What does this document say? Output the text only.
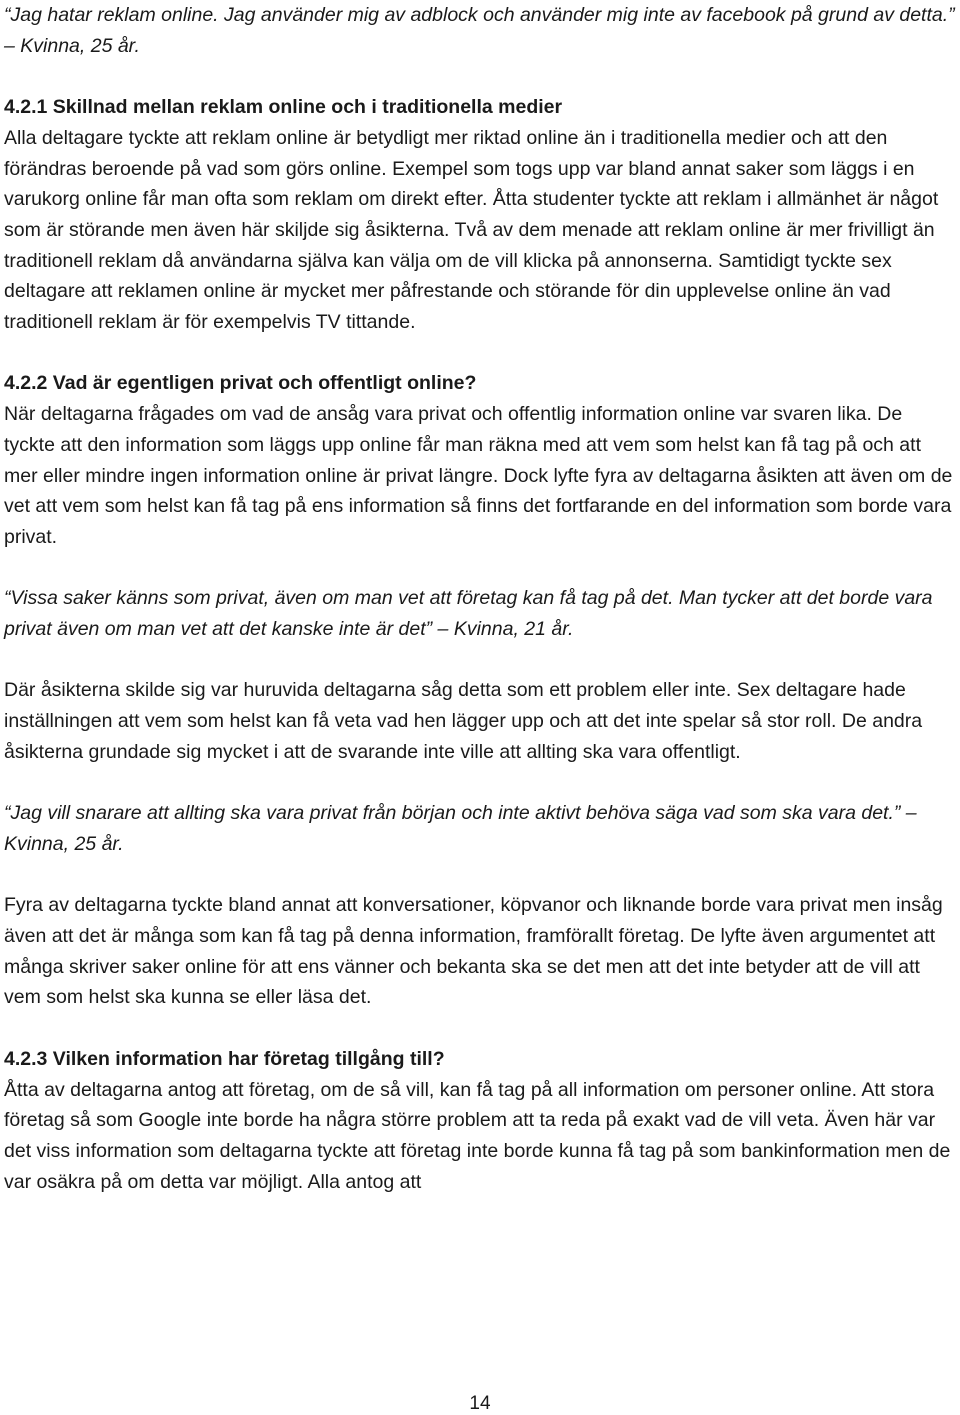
“Jag hatar reklam online. Jag använder mig av adblock och använder mig inte av facebook på grund av detta.” – Kvinna, 25 år.

4.2.1 Skillnad mellan reklam online och i traditionella medier

Alla deltagare tyckte att reklam online är betydligt mer riktad online än i traditionella medier och att den förändras beroende på vad som görs online. Exempel som togs upp var bland annat saker som läggs i en varukorg online får man ofta som reklam om direkt efter. Åtta studenter tyckte att reklam i allmänhet är något som är störande men även här skiljde sig åsikterna. Två av dem menade att reklam online är mer frivilligt än traditionell reklam då användarna själva kan välja om de vill klicka på annonserna. Samtidigt tyckte sex deltagare att reklamen online är mycket mer påfrestande och störande för din upplevelse online än vad traditionell reklam är för exempelvis TV tittande.

4.2.2 Vad är egentligen privat och offentligt online?

När deltagarna frågades om vad de ansåg vara privat och offentlig information online var svaren lika. De tyckte att den information som läggs upp online får man räkna med att vem som helst kan få tag på och att mer eller mindre ingen information online är privat längre. Dock lyfte fyra av deltagarna åsikten att även om de vet att vem som helst kan få tag på ens information så finns det fortfarande en del information som borde vara privat.

“Vissa saker känns som privat, även om man vet att företag kan få tag på det. Man tycker att det borde vara privat även om man vet att det kanske inte är det” – Kvinna, 21 år.

Där åsikterna skilde sig var huruvida deltagarna såg detta som ett problem eller inte. Sex deltagare hade inställningen att vem som helst kan få veta vad hen lägger upp och att det inte spelar så stor roll. De andra åsikterna grundade sig mycket i att de svarande inte ville att allting ska vara offentligt.

“Jag vill snarare att allting ska vara privat från början och inte aktivt behöva säga vad som ska vara det.” – Kvinna, 25 år.

Fyra av deltagarna tyckte bland annat att konversationer, köpvanor och liknande borde vara privat men insåg även att det är många som kan få tag på denna information, framförallt företag. De lyfte även argumentet att många skriver saker online för att ens vänner och bekanta ska se det men att det inte betyder att de vill att vem som helst ska kunna se eller läsa det.

4.2.3 Vilken information har företag tillgång till?

Åtta av deltagarna antog att företag, om de så vill, kan få tag på all information om personer online. Att stora företag så som Google inte borde ha några större problem att ta reda på exakt vad de vill veta. Även här var det viss information som deltagarna tyckte att företag inte borde kunna få tag på som bankinformation men de var osäkra på om detta var möjligt. Alla antog att

14
